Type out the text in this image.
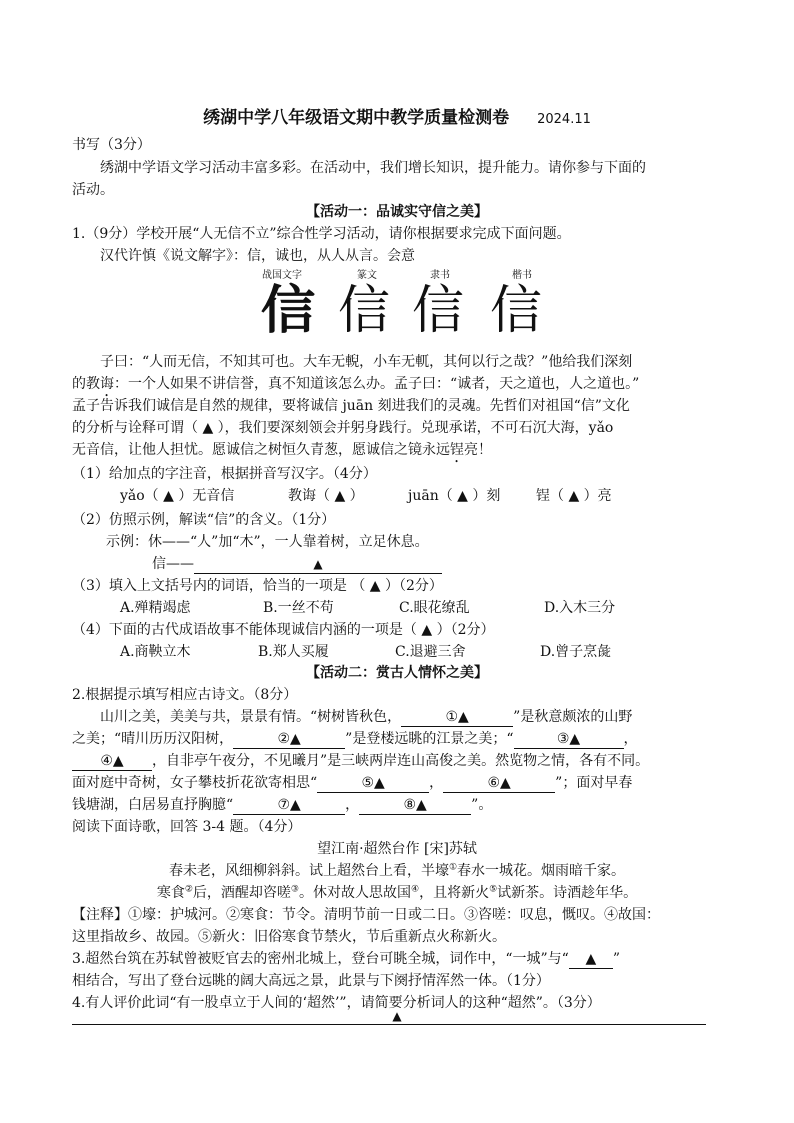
绣湖中学八年级语文期中教学质量检测卷 2024.11
书写（3分）
绣湖中学语文学习活动丰富多彩。在活动中，我们增长知识，提升能力。请你参与下面的
活动。
【活动一：品诚实守信之美】
1.（9分）学校开展“人无信不立”综合性学习活动，请你根据要求完成下面问题。
汉代许慎《说文解字》：信，诚也，从人从言。会意
战国文字	篆文	隶书	楷书
信 信 信 信
子曰：“人而无信，不知其可也。大车无輗，小车无軏，其何以行之哉？”他给我们深刻
的教诲：一个人如果不讲信誉，真不知道该怎么办。孟子曰：“诚者，天之道也，人之道也。”
孟子告诉我们诚信是自然的规律，要将诚信 juān 刻进我们的灵魂。先哲们对祖国“信”文化
的分析与诠释可谓（ ▲ ），我们要深刻领会并躬身践行。兑现承诺，不可石沉大海，yǎo
无音信，让他人担忧。愿诚信之树恒久青葱，愿诚信之镜永远锃亮！
（1）给加点的字注音，根据拼音写汉字。（4分）
yǎo（ ▲ ）无音信	教诲（ ▲ ）	juān（ ▲ ）刻	锃（ ▲ ）亮
（2）仿照示例，解读“信”的含义。（1分）
示例：休——“人”加“木”，一人靠着树，立足休息。
信——	▲
（3）填入上文括号内的词语，恰当的一项是 （ ▲ ）（2分）
A.殚精竭虑	B.一丝不苟	C.眼花缭乱	D.入木三分
（4）下面的古代成语故事不能体现诚信内涵的一项是（ ▲ ）（2分）
A.商鞅立木	B.郑人买履	C.退避三舍	D.曾子烹彘
【活动二：赏古人情怀之美】
2.根据提示填写相应古诗文。（8分）
山川之美，美美与共，景景有情。“树树皆秋色，	①▲	”是秋意颇浓的山野
之美；“晴川历历汉阳树，	②▲	”是登楼远眺的江景之美；“	③▲	，
④▲ ，自非亭午夜分，不见曦月”是三峡两岸连山高俊之美。然览物之情，各有不同。
面对庭中奇树，女子攀枝折花欲寄相思“	⑤▲	，	⑥▲	”；面对早春
钱塘湖，白居易直抒胸臆“	⑦▲	，	⑧▲	”。
阅读下面诗歌，回答 3-4 题。（4分）
望江南·超然台作 [宋]苏轼
春未老，风细柳斜斜。试上超然台上看，半壕①春水一城花。烟雨暗千家。
寒食②后，酒醒却咨嗟③。休对故人思故国④，且将新火⑤试新茶。诗酒趁年华。
【注释】①壕：护城河。②寒食：节令。清明节前一日或二日。③咨嗟：叹息，慨叹。④故国：
这里指故乡、故园。⑤新火：旧俗寒食节禁火，节后重新点火称新火。
3.超然台筑在苏轼曾被贬官去的密州北城上，登台可眺全城，词作中，“一城”与“ ▲ ”
相结合，写出了登台远眺的阔大高远之景，此景与下阕抒情浑然一体。（1分）
4.有人评价此词“有一股卓立于人间的‘超然’”，请简要分析词人的这种“超然”。（3分）
▲
